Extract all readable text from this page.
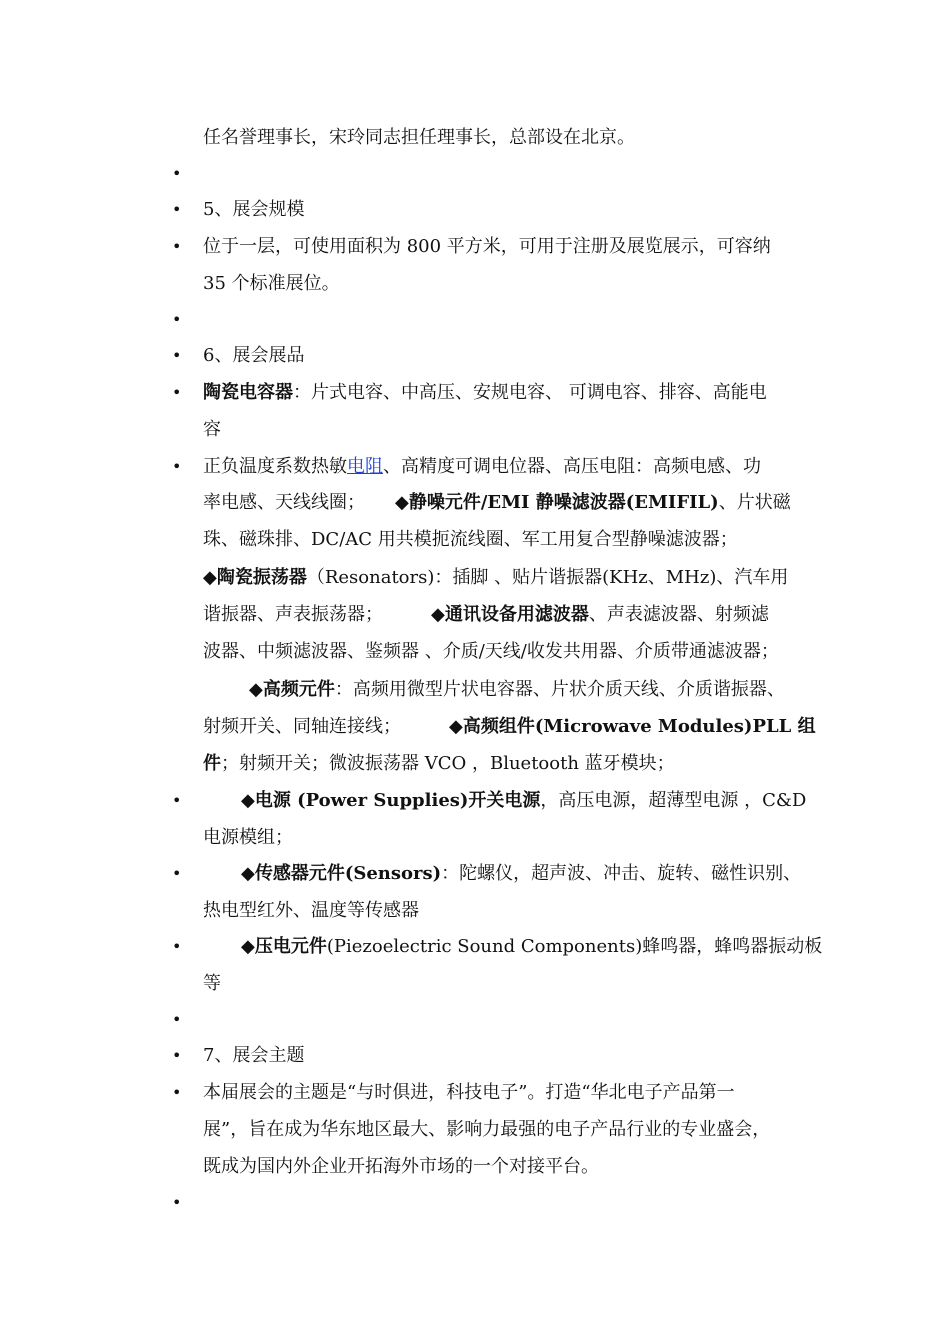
任名誉理事长，宋玲同志担任理事长，总部设在北京。
•
• 5、展会规模
• 位于一层，可使用面积为 800 平方米，可用于注册及展览展示，可容纳
35 个标准展位。
•
• 6、展会展品
• 陶瓷电容器：片式电容、中高压、安规电容、 可调电容、排容、高能电
容
• 正负温度系数热敏电阻、高精度可调电位器、高压电阻：高频电感、功
率电感、天线线圈； ◆静噪元件/EMI 静噪滤波器(EMIFIL)、片状磁
珠、磁珠排、DC/AC 用共模扼流线圈、军工用复合型静噪滤波器；
◆陶瓷振荡器（Resonators)：插脚 、贴片谐振器(KHz、MHz)、汽车用
谐振器、声表振荡器；	◆通讯设备用滤波器、声表滤波器、射频滤
波器、中频滤波器、鉴频器 、介质/天线/收发共用器、介质带通滤波器；
◆高频元件：高频用微型片状电容器、片状介质天线、介质谐振器、
射频开关、同轴连接线；	◆高频组件(Microwave Modules)PLL 组
件；射频开关；微波振荡器 VCO ，Bluetooth 蓝牙模块；
•	◆电源 (Power Supplies)开关电源，高压电源，超薄型电源 ，C&D
电源模组；
•	◆传感器元件(Sensors)：陀螺仪，超声波、冲击、旋转、磁性识别、
热电型红外、温度等传感器
•	◆压电元件(Piezoelectric Sound Components)蜂鸣器，蜂鸣器振动板
等
•
• 7、展会主题
• 本届展会的主题是“与时俱进，科技电子”。打造“华北电子产品第一
展”，旨在成为华东地区最大、影响力最强的电子产品行业的专业盛会，
既成为国内外企业开拓海外市场的一个对接平台。
•
